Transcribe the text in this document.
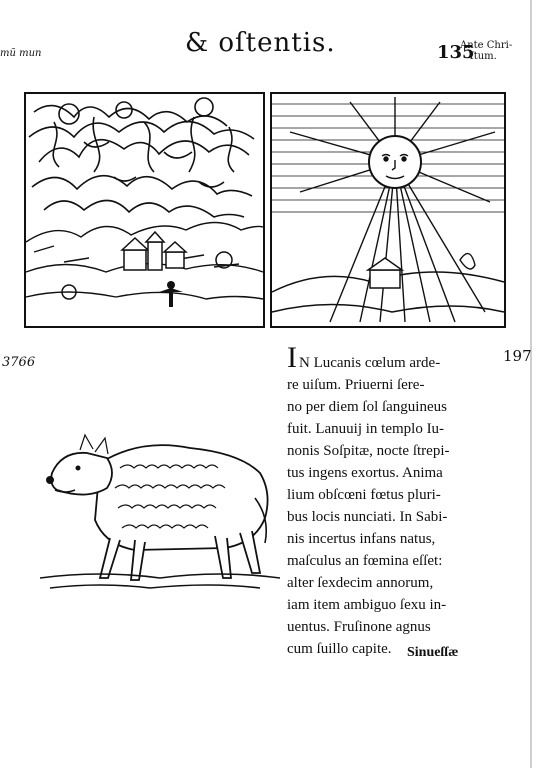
mũ mun	& oſtentis.	135
Ante Chri-
ſtum.
3766	197
I N Lucanis cœlum arde-
re uiſum. Priuerni ſere-
no per diem ſol ſanguineus
fuit. Lanuuij in templo Iu-
nonis Soſpitæ, nocte ſtrepi-
tus ingens exortus. Anima
lium obſcœni fœtus pluri-
bus locis nunciati. In Sabi-
nis incertus infans natus,
maſculus an fœmina eſſet:
alter ſexdecim annorum,
iam item ambiguo ſexu in-
uentus. Fruſinone agnus
cum ſuillo capite.	Sinueſſæ
